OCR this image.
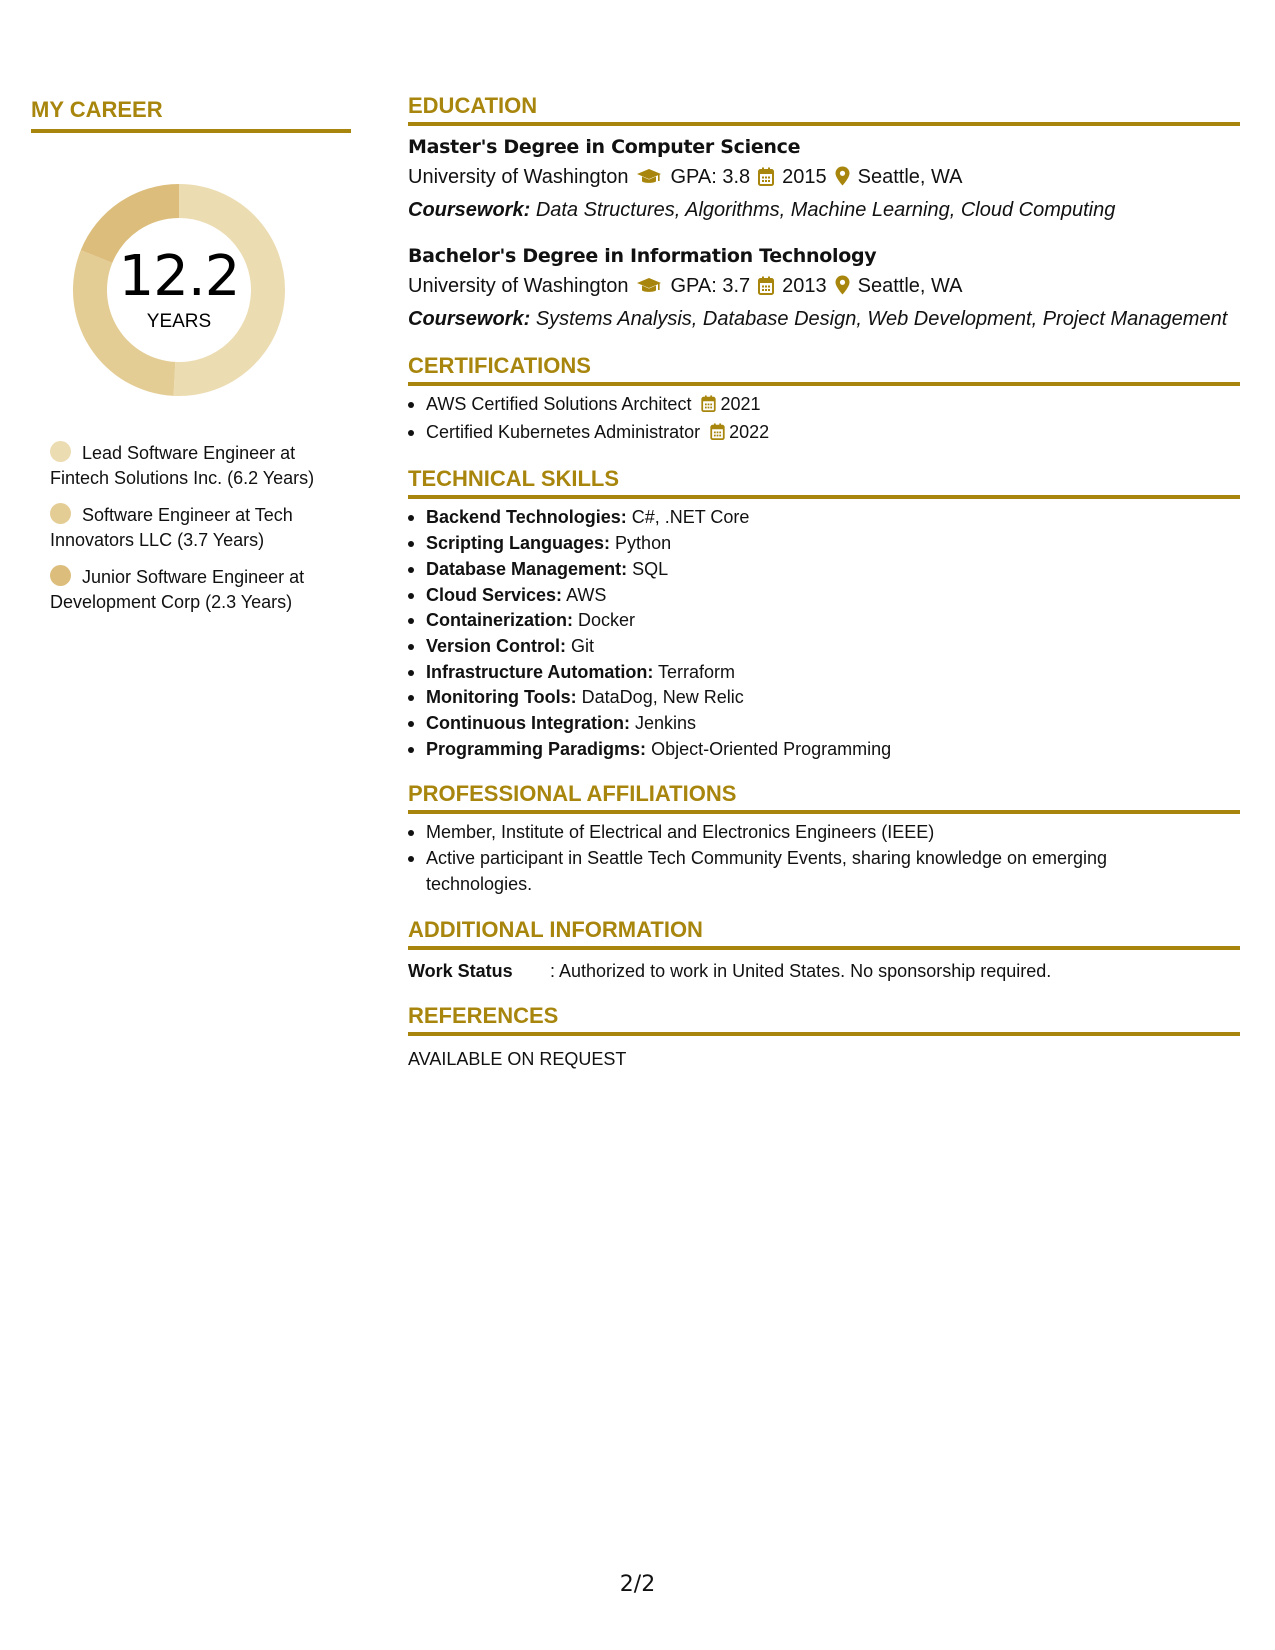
MY CAREER
12.2
YEARS
Lead Software Engineer at Fintech Solutions Inc. (6.2 Years)
Software Engineer at Tech Innovators LLC (3.7 Years)
Junior Software Engineer at Development Corp (2.3 Years)
EDUCATION
Master's Degree in Computer Science
University of Washington GPA: 3.8 2015 Seattle, WA
Coursework: Data Structures, Algorithms, Machine Learning, Cloud Computing
Bachelor's Degree in Information Technology
University of Washington GPA: 3.7 2013 Seattle, WA
Coursework: Systems Analysis, Database Design, Web Development, Project Management
CERTIFICATIONS
AWS Certified Solutions Architect 2021
Certified Kubernetes Administrator 2022
TECHNICAL SKILLS
Backend Technologies: C#, .NET Core
Scripting Languages: Python
Database Management: SQL
Cloud Services: AWS
Containerization: Docker
Version Control: Git
Infrastructure Automation: Terraform
Monitoring Tools: DataDog, New Relic
Continuous Integration: Jenkins
Programming Paradigms: Object-Oriented Programming
PROFESSIONAL AFFILIATIONS
Member, Institute of Electrical and Electronics Engineers (IEEE)
Active participant in Seattle Tech Community Events, sharing knowledge on emerging technologies.
ADDITIONAL INFORMATION
Work Status : Authorized to work in United States. No sponsorship required.
REFERENCES
AVAILABLE ON REQUEST
2/2
